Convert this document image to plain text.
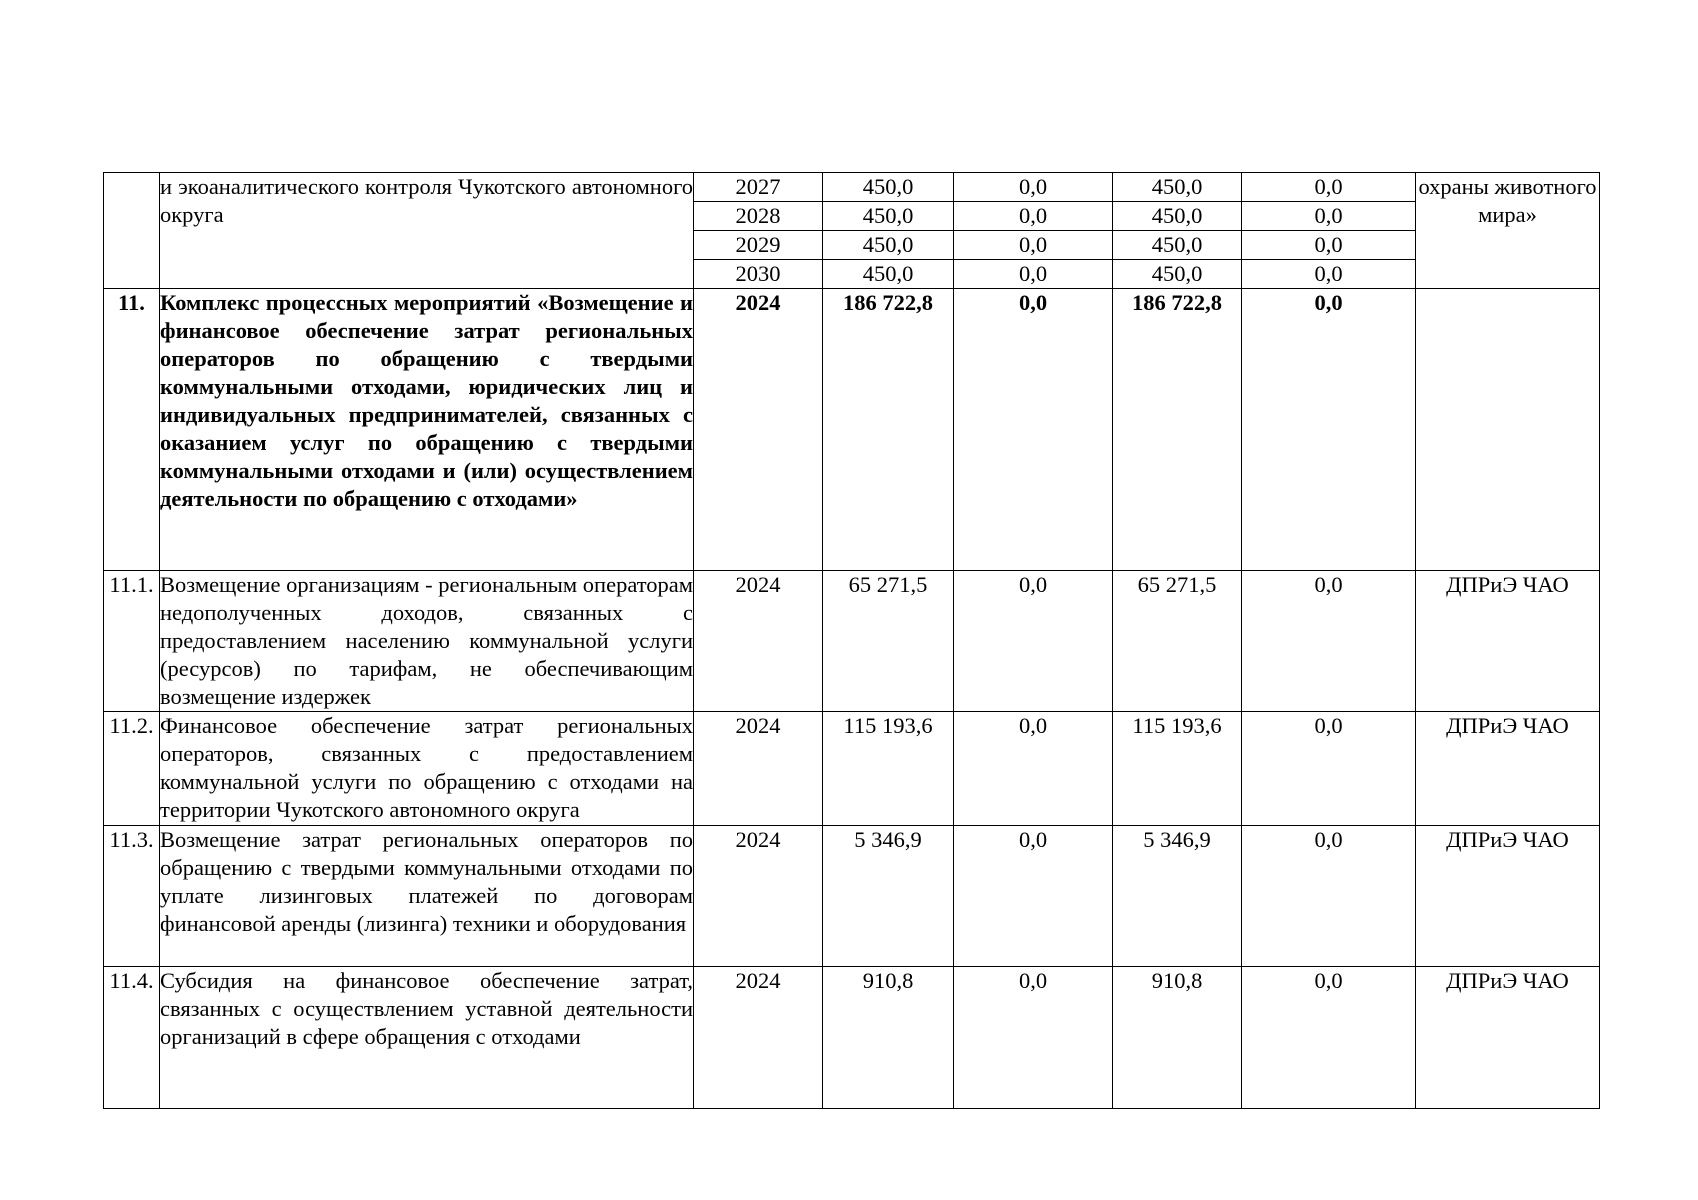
	и экоаналитического контроля Чукотского автономного округа	2027	450,0	0,0	450,0	0,0	охраны животного мира»
		2028	450,0	0,0	450,0	0,0	
		2029	450,0	0,0	450,0	0,0	
		2030	450,0	0,0	450,0	0,0	
11.	Комплекс процессных мероприятий «Возмещение и финансовое обеспечение затрат региональных операторов по обращению с твердыми коммунальными отходами, юридических лиц и индивидуальных предпринимателей, связанных с оказанием услуг по обращению с твердыми коммунальными отходами и (или) осуществлением деятельности по обращению с отходами»	2024	186 722,8	0,0	186 722,8	0,0	
11.1.	Возмещение организациям - региональным операторам недополученных доходов, связанных с предоставлением населению коммунальной услуги (ресурсов) по тарифам, не обеспечивающим возмещение издержек	2024	65 271,5	0,0	65 271,5	0,0	ДПРиЭ ЧАО
11.2.	Финансовое обеспечение затрат региональных операторов, связанных с предоставлением коммунальной услуги по обращению с отходами на территории Чукотского автономного округа	2024	115 193,6	0,0	115 193,6	0,0	ДПРиЭ ЧАО
11.3.	Возмещение затрат региональных операторов по обращению с твердыми коммунальными отходами по уплате лизинговых платежей по договорам финансовой аренды (лизинга) техники и оборудования	2024	5 346,9	0,0	5 346,9	0,0	ДПРиЭ ЧАО
11.4.	Субсидия на финансовое обеспечение затрат, связанных с осуществлением уставной деятельности организаций в сфере обращения с отходами	2024	910,8	0,0	910,8	0,0	ДПРиЭ ЧАО
